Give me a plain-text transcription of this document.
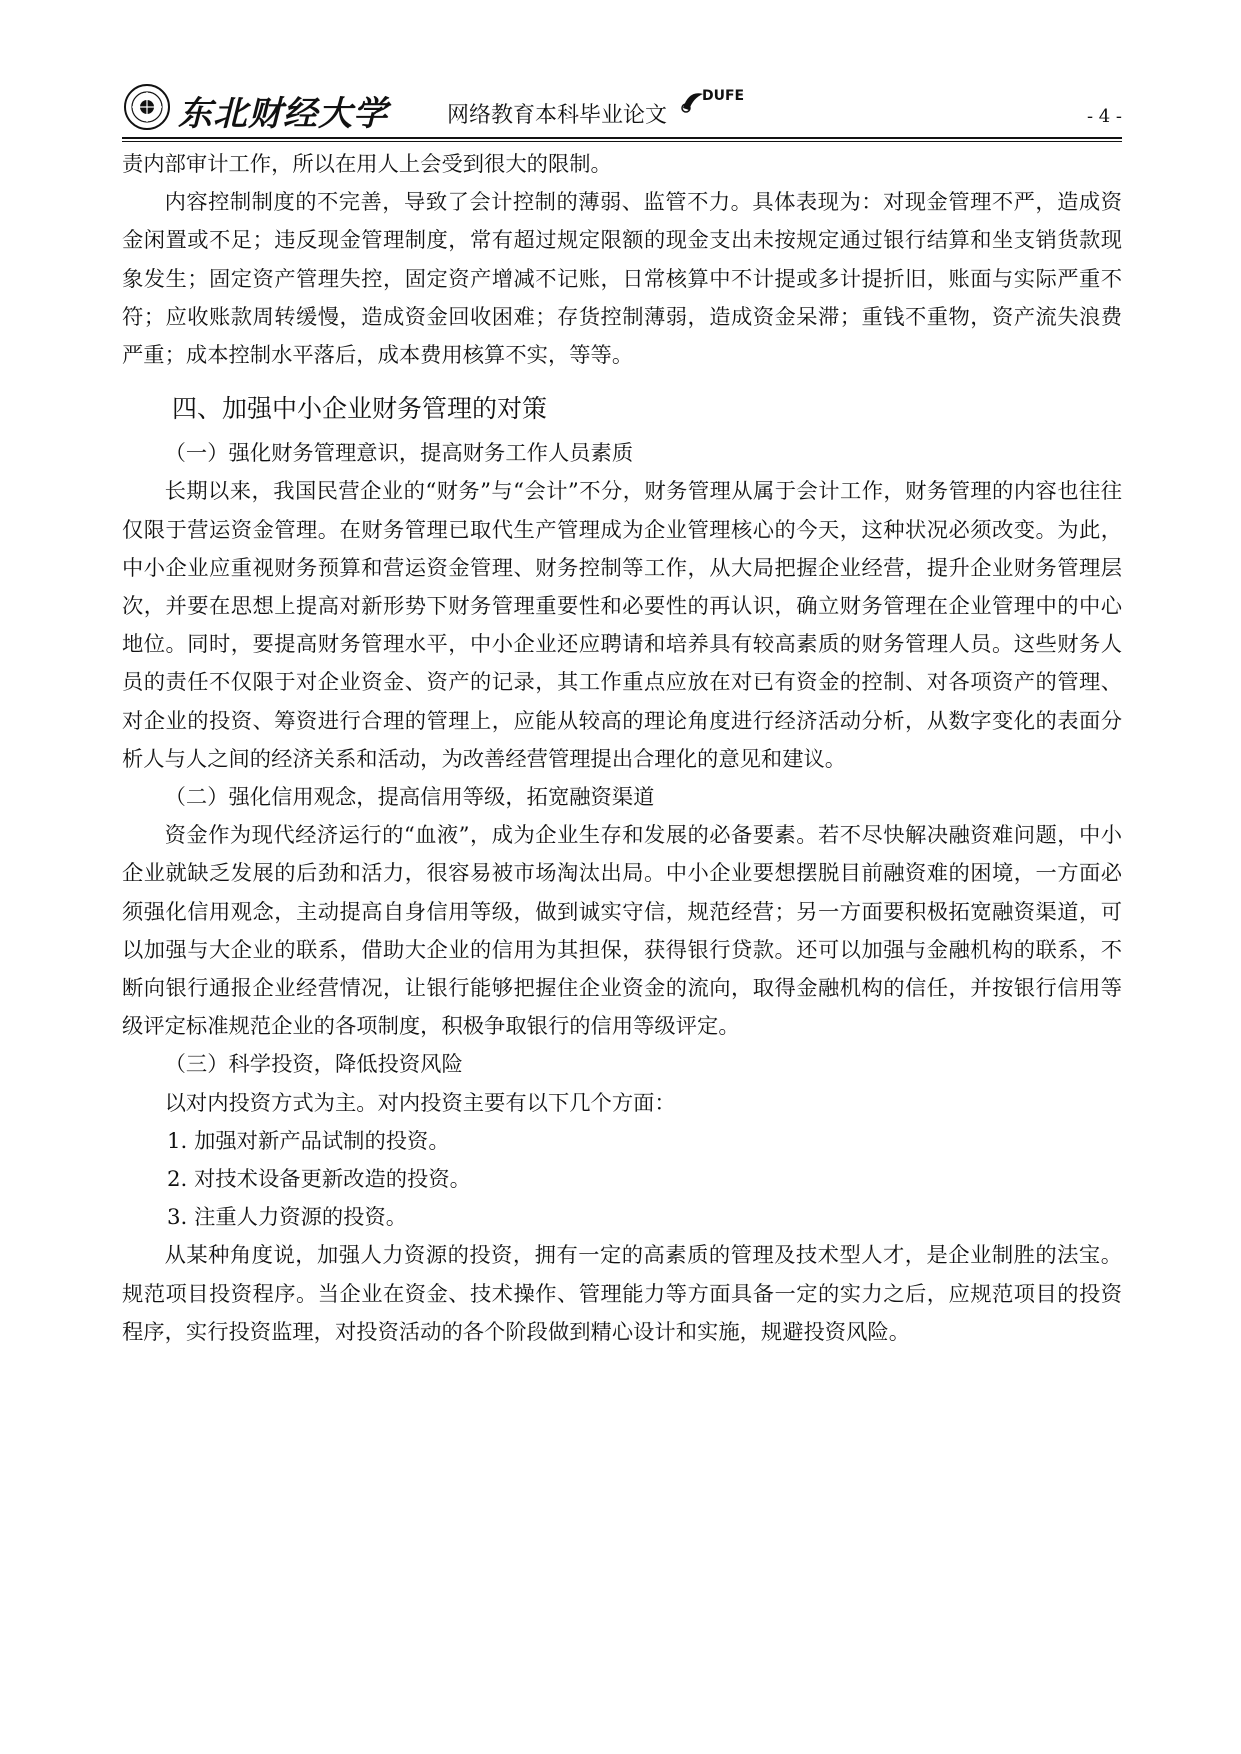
东北财经大学	网络教育本科毕业论文
DUFE
- 4 -

责内部审计工作，所以在用人上会受到很大的限制。

内容控制制度的不完善，导致了会计控制的薄弱、监管不力。具体表现为：对现金管理不严，造成资金闲置或不足；违反现金管理制度，常有超过规定限额的现金支出未按规定通过银行结算和坐支销货款现象发生；固定资产管理失控，固定资产增减不记账，日常核算中不计提或多计提折旧，账面与实际严重不符；应收账款周转缓慢，造成资金回收困难；存货控制薄弱，造成资金呆滞；重钱不重物，资产流失浪费严重；成本控制水平落后，成本费用核算不实，等等。

四、加强中小企业财务管理的对策

（一）强化财务管理意识，提高财务工作人员素质

长期以来，我国民营企业的“财务”与“会计”不分，财务管理从属于会计工作，财务管理的内容也往往仅限于营运资金管理。在财务管理已取代生产管理成为企业管理核心的今天，这种状况必须改变。为此，中小企业应重视财务预算和营运资金管理、财务控制等工作，从大局把握企业经营，提升企业财务管理层次，并要在思想上提高对新形势下财务管理重要性和必要性的再认识，确立财务管理在企业管理中的中心地位。同时，要提高财务管理水平，中小企业还应聘请和培养具有较高素质的财务管理人员。这些财务人员的责任不仅限于对企业资金、资产的记录，其工作重点应放在对已有资金的控制、对各项资产的管理、对企业的投资、筹资进行合理的管理上，应能从较高的理论角度进行经济活动分析，从数字变化的表面分析人与人之间的经济关系和活动，为改善经营管理提出合理化的意见和建议。

（二）强化信用观念，提高信用等级，拓宽融资渠道

资金作为现代经济运行的“血液”，成为企业生存和发展的必备要素。若不尽快解决融资难问题，中小企业就缺乏发展的后劲和活力，很容易被市场淘汰出局。中小企业要想摆脱目前融资难的困境，一方面必须强化信用观念，主动提高自身信用等级，做到诚实守信，规范经营；另一方面要积极拓宽融资渠道，可以加强与大企业的联系，借助大企业的信用为其担保，获得银行贷款。还可以加强与金融机构的联系，不断向银行通报企业经营情况，让银行能够把握住企业资金的流向，取得金融机构的信任，并按银行信用等级评定标准规范企业的各项制度，积极争取银行的信用等级评定。

（三）科学投资，降低投资风险

以对内投资方式为主。对内投资主要有以下几个方面：

1. 加强对新产品试制的投资。

2. 对技术设备更新改造的投资。

3. 注重人力资源的投资。

从某种角度说，加强人力资源的投资，拥有一定的高素质的管理及技术型人才，是企业制胜的法宝。规范项目投资程序。当企业在资金、技术操作、管理能力等方面具备一定的实力之后，应规范项目的投资程序，实行投资监理，对投资活动的各个阶段做到精心设计和实施，规避投资风险。
